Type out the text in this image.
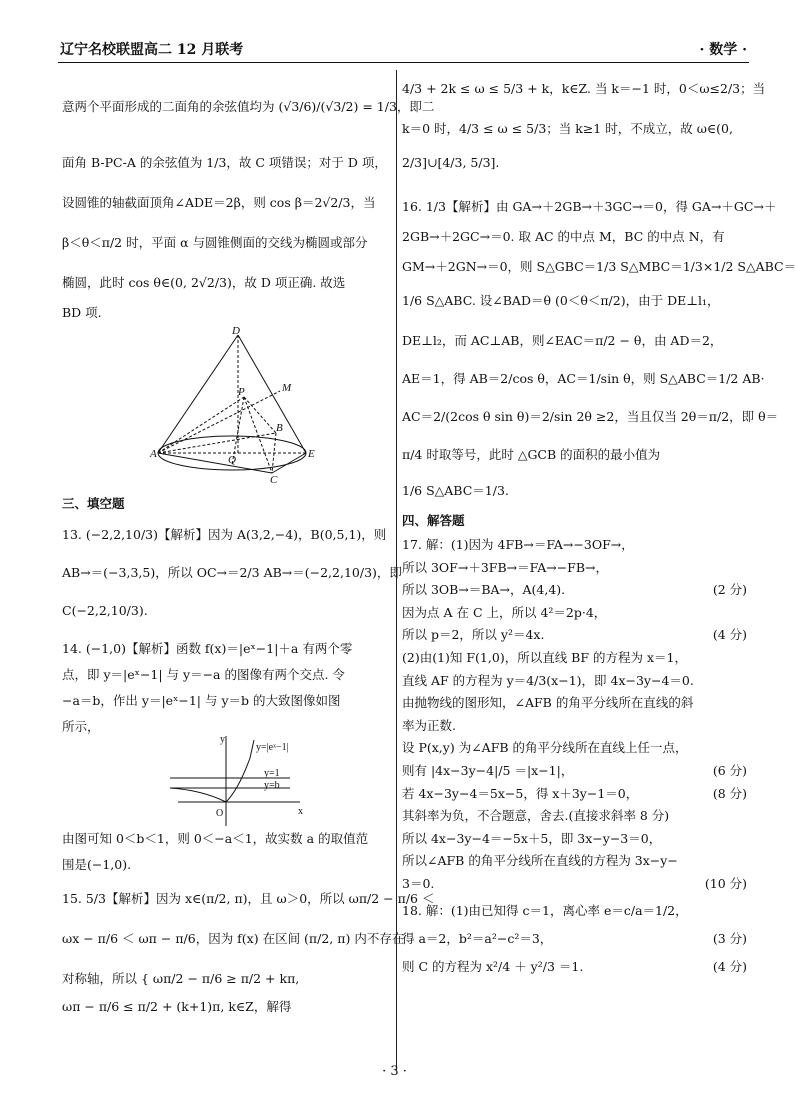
辽宁名校联盟高二 12 月联考	· 数学 ·
意两个平面形成的二面角的余弦值均为 (√3/6)/(√3/2) = 1/3，即二
面角 B-PC-A 的余弦值为 1/3，故 C 项错误；对于 D 项，
设圆锥的轴截面顶角∠ADE＝2β，则 cos β＝2√2/3，当
β＜θ＜π/2 时，平面 α 与圆锥侧面的交线为椭圆或部分
椭圆，此时 cos θ∈(0, 2√2/3)，故 D 项正确. 故选
BD 项.
D
P	M
B
A	Q	E
C
三、填空题
13. (−2,2,10/3)【解析】因为 A(3,2,−4)，B(0,5,1)，则
AB→＝(−3,3,5)，所以 OC→＝2/3 AB→＝(−2,2,10/3)，即
C(−2,2,10/3).
14. (−1,0)【解析】函数 f(x)＝|eˣ−1|＋a 有两个零
点，即 y＝|eˣ−1| 与 y＝−a 的图像有两个交点. 令
−a＝b，作出 y＝|eˣ−1| 与 y＝b 的大致图像如图
所示，
y
x
O
y=|eˣ−1|
y=1
y=b
由图可知 0＜b＜1，则 0＜−a＜1，故实数 a 的取值范
围是(−1,0).
15. 5/3【解析】因为 x∈(π/2, π)，且 ω＞0，所以 ωπ/2 − π/6 ＜
ωx − π/6 ＜ ωπ − π/6，因为 f(x) 在区间 (π/2, π) 内不存在
对称轴，所以 { ωπ/2 − π/6 ≥ π/2 + kπ,
ωπ − π/6 ≤ π/2 + (k+1)π, k∈Z，解得
4/3 + 2k ≤ ω ≤ 5/3 + k，k∈Z. 当 k＝−1 时，0＜ω≤2/3；当
k＝0 时，4/3 ≤ ω ≤ 5/3；当 k≥1 时，不成立，故 ω∈(0,
2/3]∪[4/3, 5/3].
16. 1/3【解析】由 GA→＋2GB→＋3GC→＝0，得 GA→＋GC→＋
2GB→＋2GC→＝0. 取 AC 的中点 M，BC 的中点 N，有
GM→＋2GN→＝0，则 S△GBC＝1/3 S△MBC＝1/3×1/2 S△ABC＝
1/6 S△ABC. 设∠BAD＝θ (0＜θ＜π/2)，由于 DE⊥l₁，
DE⊥l₂，而 AC⊥AB，则∠EAC＝π/2 − θ，由 AD＝2，
AE＝1，得 AB＝2/cos θ，AC＝1/sin θ，则 S△ABC＝1/2 AB·
AC＝2/(2cos θ sin θ)＝2/sin 2θ ≥2，当且仅当 2θ＝π/2，即 θ＝
π/4 时取等号，此时 △GCB 的面积的最小值为
1/6 S△ABC＝1/3.
四、解答题
17. 解：(1)因为 4FB→＝FA→−3OF→，
所以 3OF→＋3FB→＝FA→−FB→，
所以 3OB→＝BA→，A(4,4).	(2 分)
因为点 A 在 C 上，所以 4²＝2p·4，
所以 p＝2，所以 y²＝4x.	(4 分)
(2)由(1)知 F(1,0)，所以直线 BF 的方程为 x＝1，
直线 AF 的方程为 y＝4/3(x−1)，即 4x−3y−4＝0.
由抛物线的图形知，∠AFB 的角平分线所在直线的斜
率为正数.
设 P(x,y) 为∠AFB 的角平分线所在直线上任一点，
则有 |4x−3y−4|/5 ＝|x−1|，	(6 分)
若 4x−3y−4＝5x−5，得 x＋3y−1＝0，	(8 分)
其斜率为负，不合题意，舍去.(直接求斜率 8 分)
所以 4x−3y−4＝−5x＋5，即 3x−y−3＝0，
所以∠AFB 的角平分线所在直线的方程为 3x−y−
3＝0.	(10 分)
18. 解：(1)由已知得 c＝1，离心率 e＝c/a＝1/2，
得 a＝2，b²＝a²−c²＝3，	(3 分)
则 C 的方程为 x²/4 ＋ y²/3 ＝1.	(4 分)
· 3 ·
